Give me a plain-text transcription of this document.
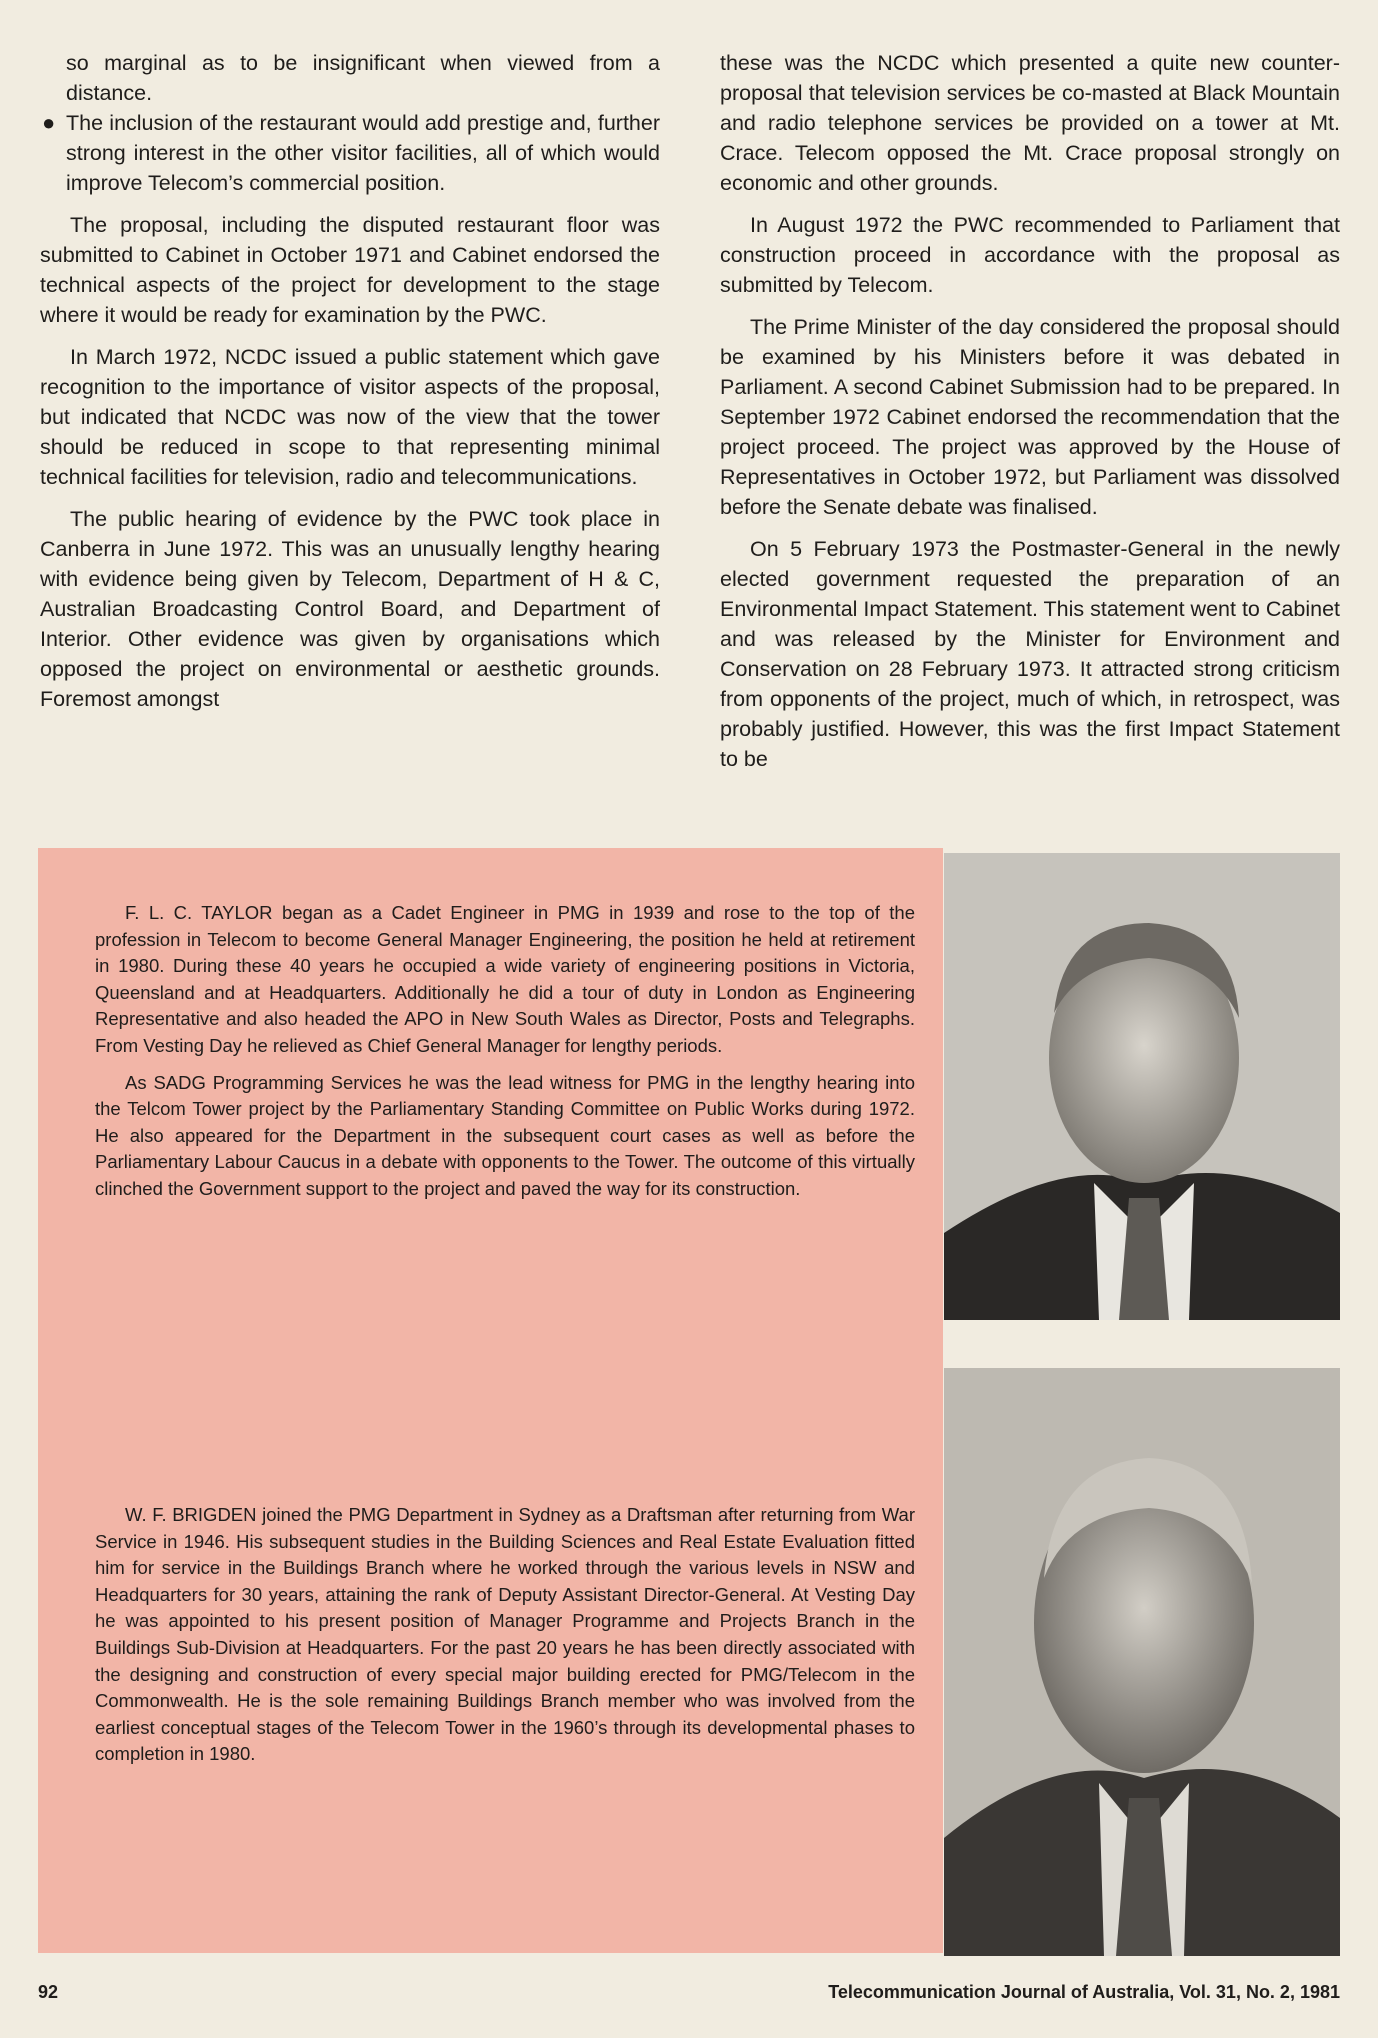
so marginal as to be insignificant when viewed from a distance.

● The inclusion of the restaurant would add prestige and, further strong interest in the other visitor facilities, all of which would improve Telecom’s commercial position.

The proposal, including the disputed restaurant floor was submitted to Cabinet in October 1971 and Cabinet endorsed the technical aspects of the project for development to the stage where it would be ready for examination by the PWC.

In March 1972, NCDC issued a public statement which gave recognition to the importance of visitor aspects of the proposal, but indicated that NCDC was now of the view that the tower should be reduced in scope to that representing minimal technical facilities for television, radio and telecommunications.

The public hearing of evidence by the PWC took place in Canberra in June 1972. This was an unusually lengthy hearing with evidence being given by Telecom, Department of H & C, Australian Broadcasting Control Board, and Department of Interior. Other evidence was given by organisations which opposed the project on environmental or aesthetic grounds. Foremost amongst

these was the NCDC which presented a quite new counter-proposal that television services be co-masted at Black Mountain and radio telephone services be provided on a tower at Mt. Crace. Telecom opposed the Mt. Crace proposal strongly on economic and other grounds.

In August 1972 the PWC recommended to Parliament that construction proceed in accordance with the proposal as submitted by Telecom.

The Prime Minister of the day considered the proposal should be examined by his Ministers before it was debated in Parliament. A second Cabinet Submission had to be prepared. In September 1972 Cabinet endorsed the recommendation that the project proceed. The project was approved by the House of Representatives in October 1972, but Parliament was dissolved before the Senate debate was finalised.

On 5 February 1973 the Postmaster-General in the newly elected government requested the preparation of an Environmental Impact Statement. This statement went to Cabinet and was released by the Minister for Environment and Conservation on 28 February 1973. It attracted strong criticism from opponents of the project, much of which, in retrospect, was probably justified. However, this was the first Impact Statement to be

F. L. C. TAYLOR began as a Cadet Engineer in PMG in 1939 and rose to the top of the profession in Telecom to become General Manager Engineering, the position he held at retirement in 1980. During these 40 years he occupied a wide variety of engineering positions in Victoria, Queensland and at Headquarters. Additionally he did a tour of duty in London as Engineering Representative and also headed the APO in New South Wales as Director, Posts and Telegraphs. From Vesting Day he relieved as Chief General Manager for lengthy periods.

As SADG Programming Services he was the lead witness for PMG in the lengthy hearing into the Telcom Tower project by the Parliamentary Standing Committee on Public Works during 1972. He also appeared for the Department in the subsequent court cases as well as before the Parliamentary Labour Caucus in a debate with opponents to the Tower. The outcome of this virtually clinched the Government support to the project and paved the way for its construction.

W. F. BRIGDEN joined the PMG Department in Sydney as a Draftsman after returning from War Service in 1946. His subsequent studies in the Building Sciences and Real Estate Evaluation fitted him for service in the Buildings Branch where he worked through the various levels in NSW and Headquarters for 30 years, attaining the rank of Deputy Assistant Director-General. At Vesting Day he was appointed to his present position of Manager Programme and Projects Branch in the Buildings Sub-Division at Headquarters. For the past 20 years he has been directly associated with the designing and construction of every special major building erected for PMG/Telecom in the Commonwealth. He is the sole remaining Buildings Branch member who was involved from the earliest conceptual stages of the Telecom Tower in the 1960’s through its developmental phases to completion in 1980.

92	Telecommunication Journal of Australia, Vol. 31, No. 2, 1981
